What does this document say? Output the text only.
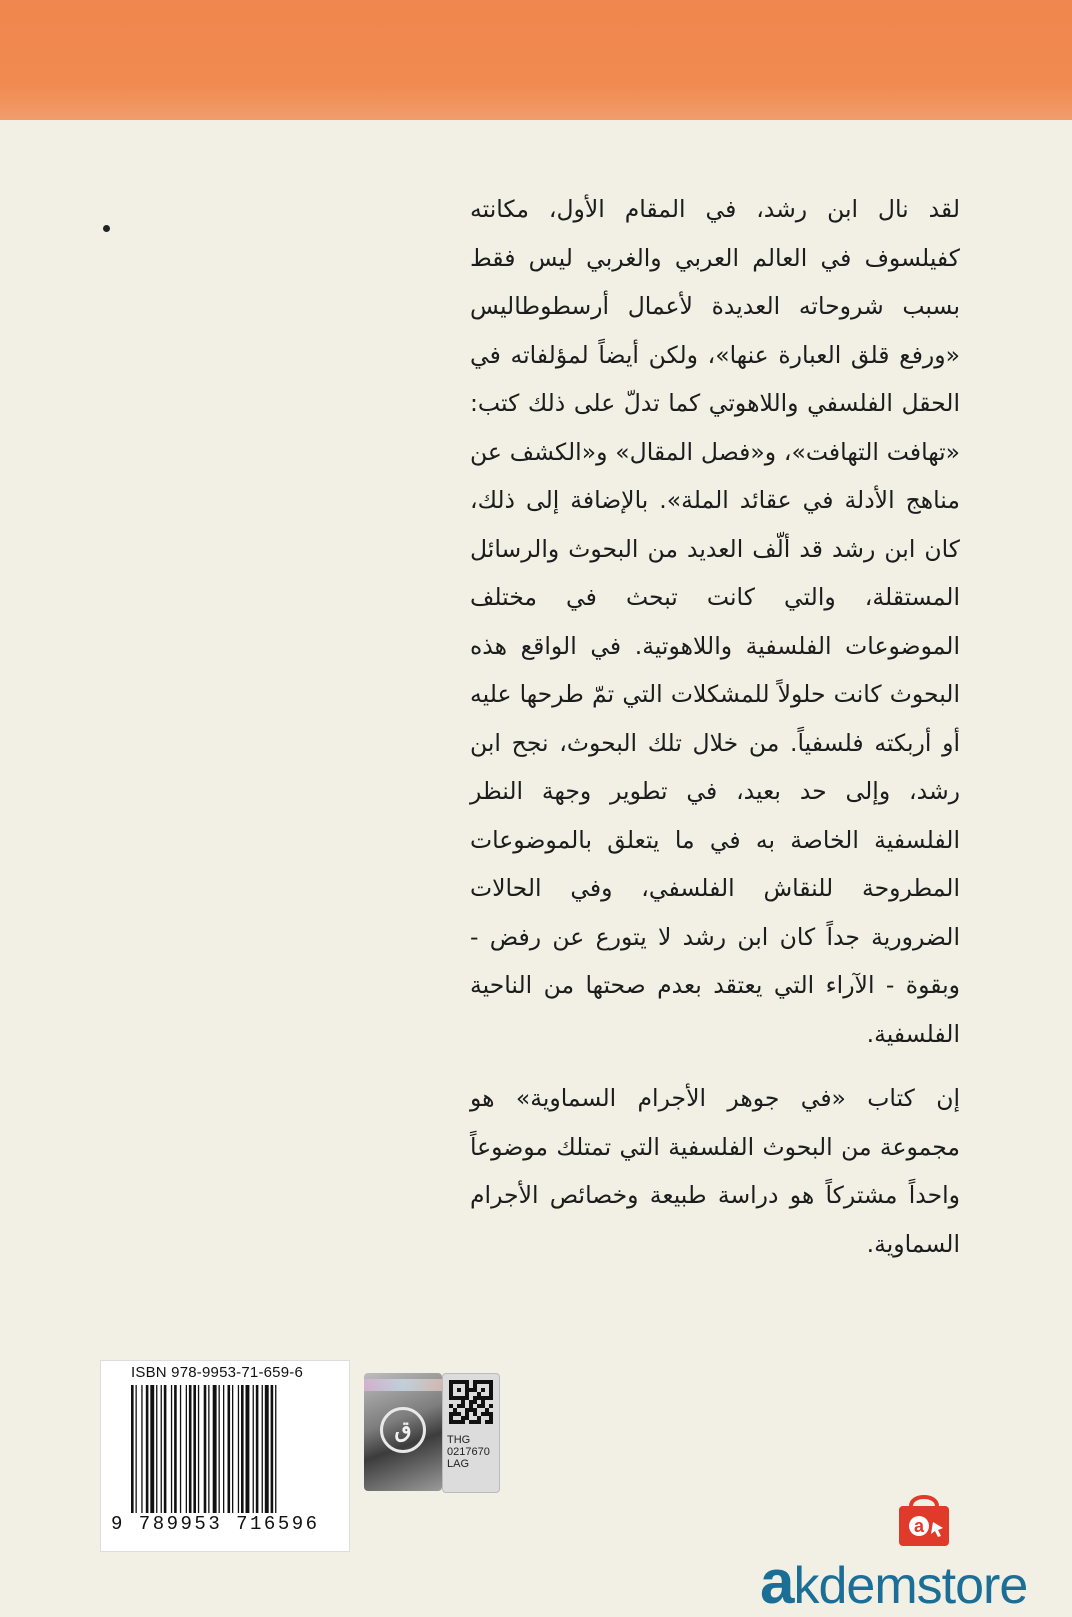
لقد نال ابن رشد، في المقام الأول، مكانته كفيلسوف في العالم العربي والغربي ليس فقط بسبب شروحاته العديدة لأعمال أرسطوطاليس «ورفع قلق العبارة عنها»، ولكن أيضاً لمؤلفاته في الحقل الفلسفي واللاهوتي كما تدلّ على ذلك كتب: «تهافت التهافت»، و«فصل المقال» و«الكشف عن مناهج الأدلة في عقائد الملة». بالإضافة إلى ذلك، كان ابن رشد قد ألّف العديد من البحوث والرسائل المستقلة، والتي كانت تبحث في مختلف الموضوعات الفلسفية واللاهوتية. في الواقع هذه البحوث كانت حلولاً للمشكلات التي تمّ طرحها عليه أو أربكته فلسفياً. من خلال تلك البحوث، نجح ابن رشد، وإلى حد بعيد، في تطوير وجهة النظر الفلسفية الخاصة به في ما يتعلق بالموضوعات المطروحة للنقاش الفلسفي، وفي الحالات الضرورية جداً كان ابن رشد لا يتورع عن رفض - وبقوة - الآراء التي يعتقد بعدم صحتها من الناحية الفلسفية.

إن كتاب «في جوهر الأجرام السماوية» هو مجموعة من البحوث الفلسفية التي تمتلك موضوعاً واحداً مشتركاً هو دراسة طبيعة وخصائص الأجرام السماوية.

ISBN 978-9953-71-659-6
9 789953 716596
ق	THG
0217670
LAG
a
akdemstore
